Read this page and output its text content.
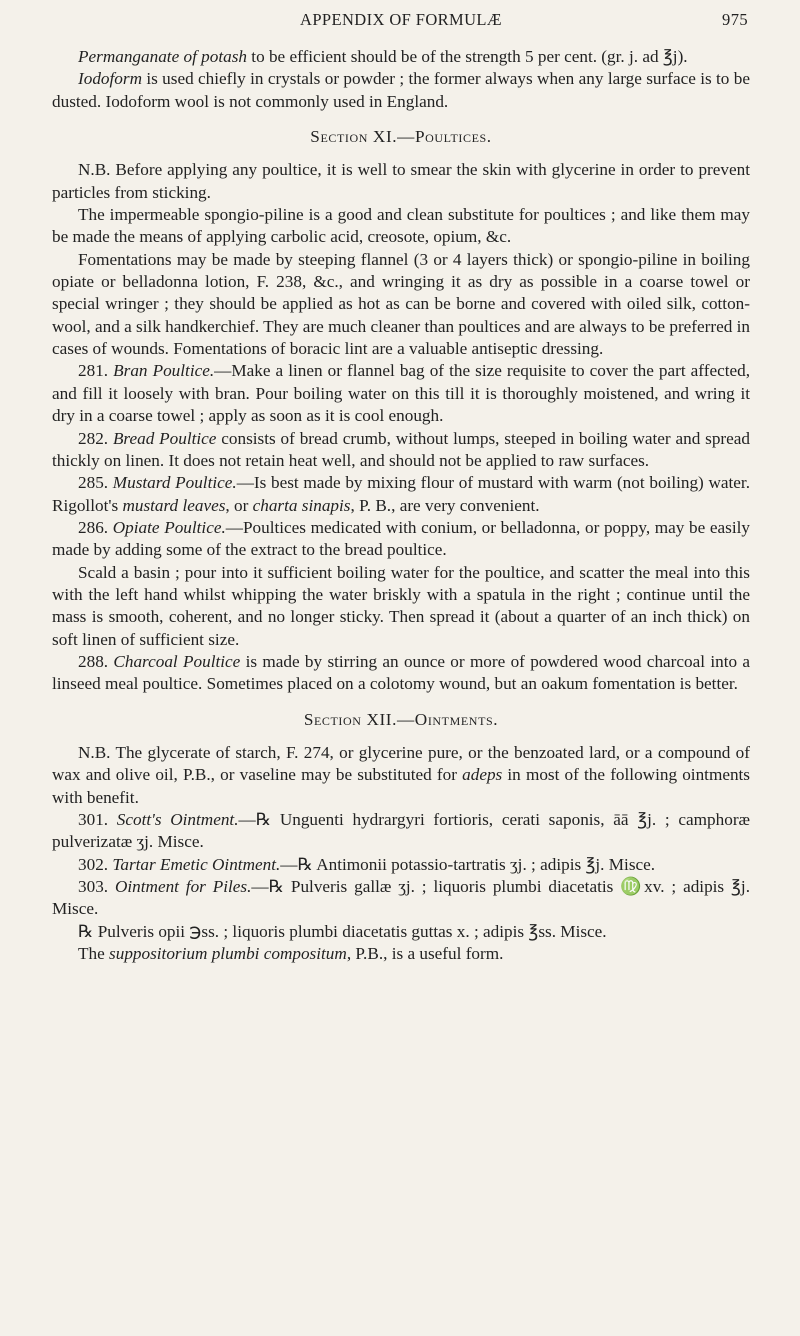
APPENDIX OF FORMULÆ	975

Permanganate of potash to be efficient should be of the strength 5 per cent. (gr. j. ad ℥j).

Iodoform is used chiefly in crystals or powder ; the former always when any large surface is to be dusted. Iodoform wool is not commonly used in England.

Section XI.—Poultices.

N.B. Before applying any poultice, it is well to smear the skin with glycerine in order to prevent particles from sticking.

The impermeable spongio-piline is a good and clean substitute for poultices ; and like them may be made the means of applying carbolic acid, creosote, opium, &c.

Fomentations may be made by steeping flannel (3 or 4 layers thick) or spongio-piline in boiling opiate or belladonna lotion, F. 238, &c., and wringing it as dry as possible in a coarse towel or special wringer ; they should be applied as hot as can be borne and covered with oiled silk, cotton-wool, and a silk handkerchief. They are much cleaner than poultices and are always to be preferred in cases of wounds. Fomentations of boracic lint are a valuable antiseptic dressing.

281. Bran Poultice.—Make a linen or flannel bag of the size requisite to cover the part affected, and fill it loosely with bran. Pour boiling water on this till it is thoroughly moistened, and wring it dry in a coarse towel ; apply as soon as it is cool enough.

282. Bread Poultice consists of bread crumb, without lumps, steeped in boiling water and spread thickly on linen. It does not retain heat well, and should not be applied to raw surfaces.

285. Mustard Poultice.—Is best made by mixing flour of mustard with warm (not boiling) water. Rigollot's mustard leaves, or charta sinapis, P. B., are very convenient.

286. Opiate Poultice.—Poultices medicated with conium, or belladonna, or poppy, may be easily made by adding some of the extract to the bread poultice.

Scald a basin ; pour into it sufficient boiling water for the poultice, and scatter the meal into this with the left hand whilst whipping the water briskly with a spatula in the right ; continue until the mass is smooth, coherent, and no longer sticky. Then spread it (about a quarter of an inch thick) on soft linen of sufficient size.

288. Charcoal Poultice is made by stirring an ounce or more of powdered wood charcoal into a linseed meal poultice. Sometimes placed on a colotomy wound, but an oakum fomentation is better.

Section XII.—Ointments.

N.B. The glycerate of starch, F. 274, or glycerine pure, or the benzoated lard, or a compound of wax and olive oil, P.B., or vaseline may be substituted for adeps in most of the following ointments with benefit.

301. Scott's Ointment.—℞ Unguenti hydrargyri fortioris, cerati saponis, āā ℥j. ; camphoræ pulverizatæ ʒj. Misce.

302. Tartar Emetic Ointment.—℞ Antimonii potassio-tartratis ʒj. ; adipis ℥j. Misce.

303. Ointment for Piles.—℞ Pulveris gallæ ʒj. ; liquoris plumbi diacetatis ♍xv. ; adipis ℥j. Misce.

℞ Pulveris opii ℈ss. ; liquoris plumbi diacetatis guttas x. ; adipis ℥ss. Misce.

The suppositorium plumbi compositum, P.B., is a useful form.
